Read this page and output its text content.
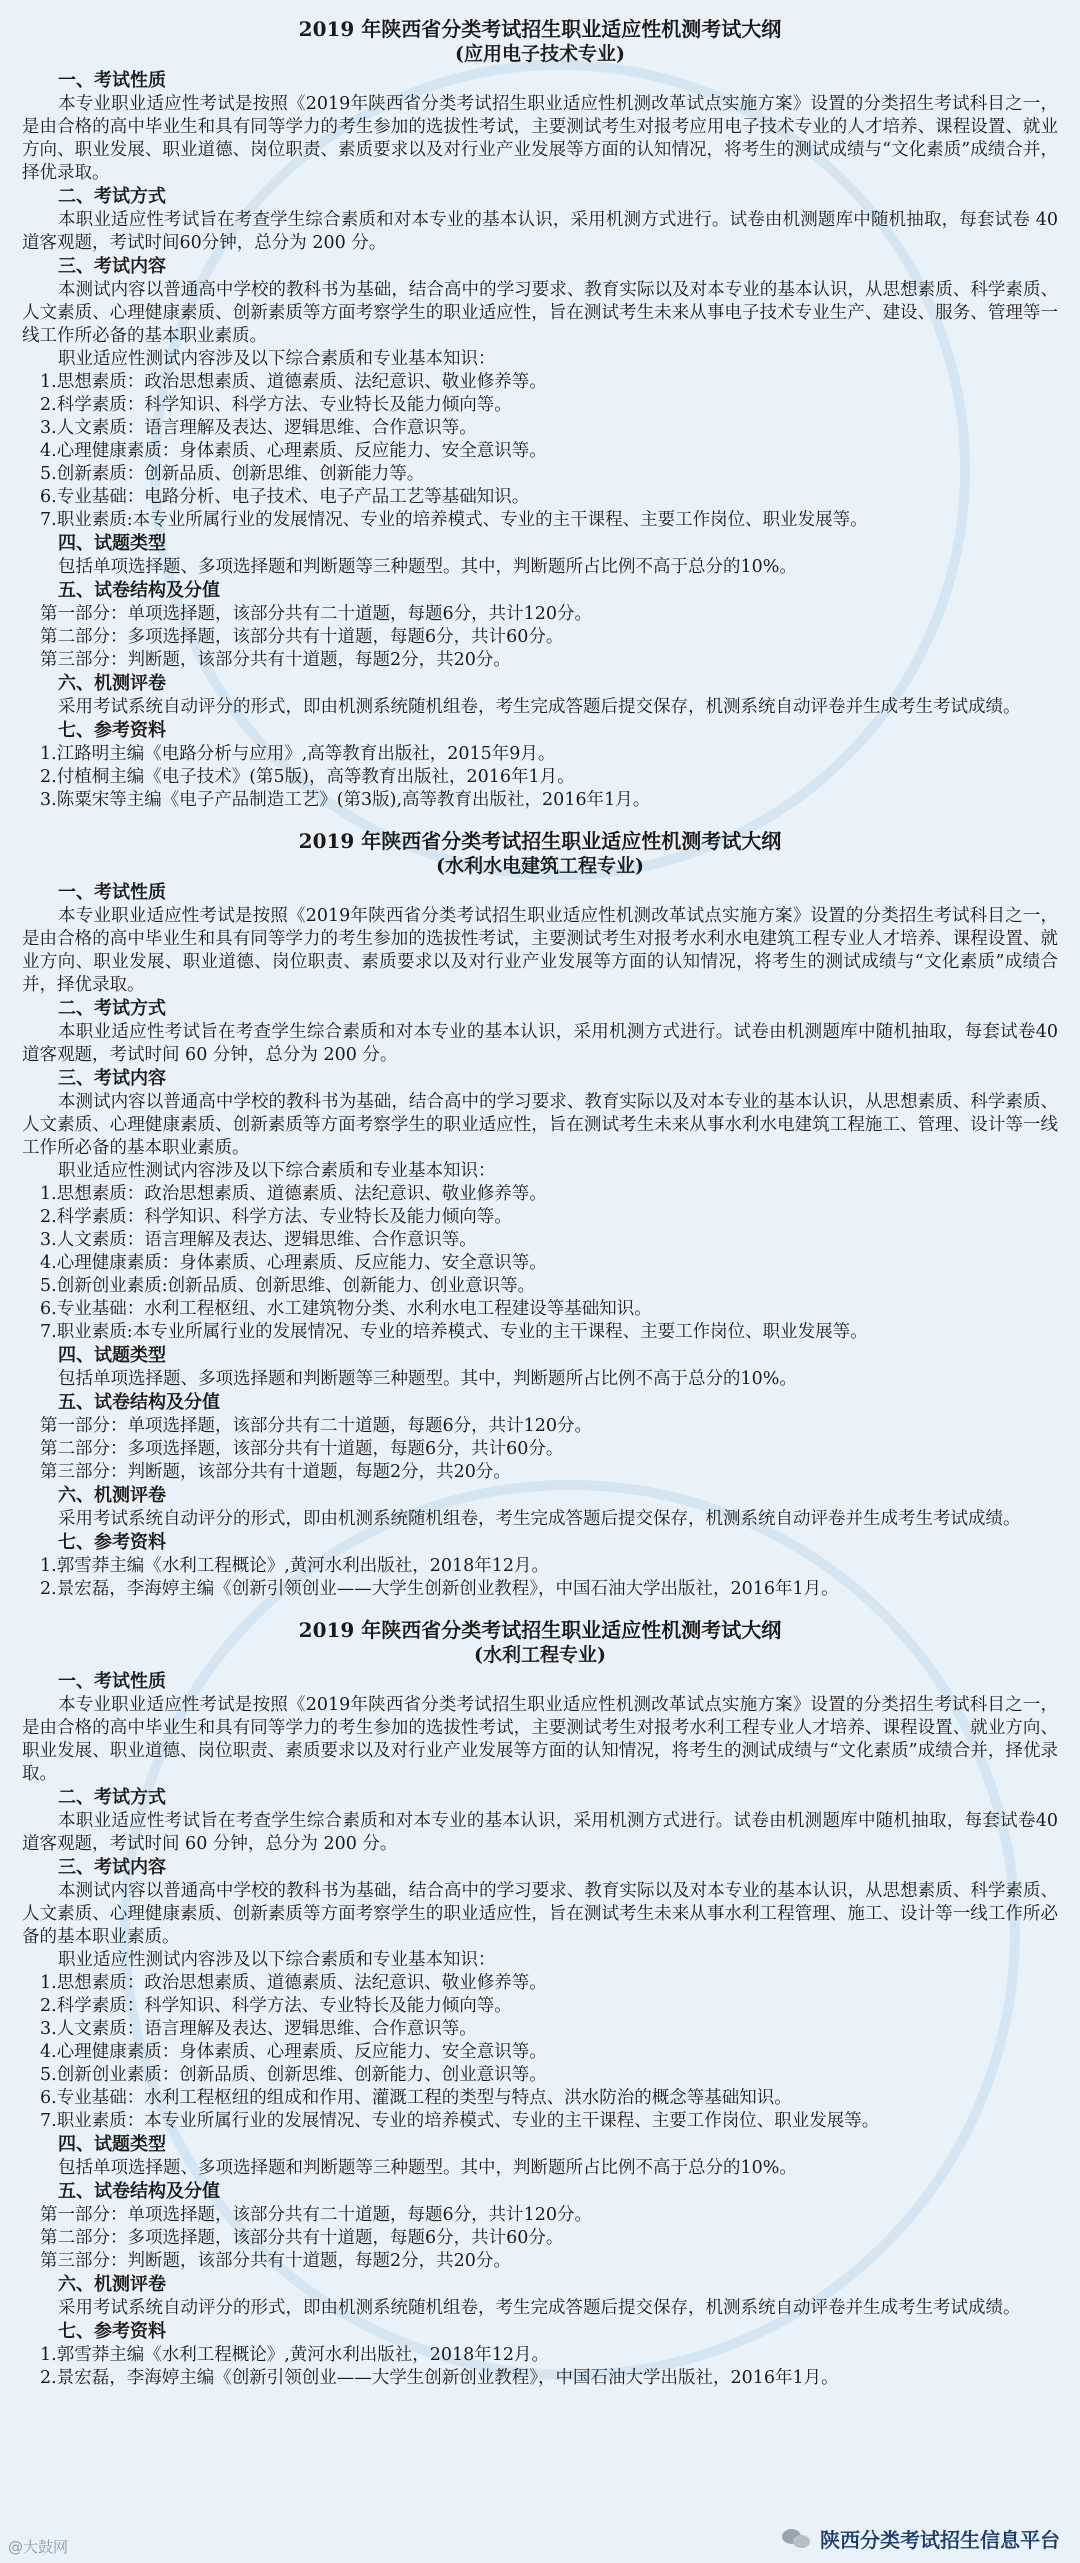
2019 年陕西省分类考试招生职业适应性机测考试大纲
(应用电子技术专业)
一、考试性质
本专业职业适应性考试是按照《2019年陕西省分类考试招生职业适应性机测改革试点实施方案》设置的分类招生考试科目之一，是由合格的高中毕业生和具有同等学力的考生参加的选拔性考试，主要测试考生对报考应用电子技术专业的人才培养、课程设置、就业方向、职业发展、职业道德、岗位职责、素质要求以及对行业产业发展等方面的认知情况，将考生的测试成绩与“文化素质”成绩合并，择优录取。
二、考试方式
本职业适应性考试旨在考查学生综合素质和对本专业的基本认识，采用机测方式进行。试卷由机测题库中随机抽取，每套试卷 40道客观题，考试时间60分钟，总分为 200 分。
三、考试内容
本测试内容以普通高中学校的教科书为基础，结合高中的学习要求、教育实际以及对本专业的基本认识，从思想素质、科学素质、人文素质、心理健康素质、创新素质等方面考察学生的职业适应性，旨在测试考生未来从事电子技术专业生产、建设、服务、管理等一线工作所必备的基本职业素质。
职业适应性测试内容涉及以下综合素质和专业基本知识：
1.思想素质：政治思想素质、道德素质、法纪意识、敬业修养等。
2.科学素质：科学知识、科学方法、专业特长及能力倾向等。
3.人文素质：语言理解及表达、逻辑思维、合作意识等。
4.心理健康素质：身体素质、心理素质、反应能力、安全意识等。
5.创新素质：创新品质、创新思维、创新能力等。
6.专业基础：电路分析、电子技术、电子产品工艺等基础知识。
7.职业素质:本专业所属行业的发展情况、专业的培养模式、专业的主干课程、主要工作岗位、职业发展等。
四、试题类型
包括单项选择题、多项选择题和判断题等三种题型。其中，判断题所占比例不高于总分的10%。
五、试卷结构及分值
第一部分：单项选择题，该部分共有二十道题，每题6分，共计120分。
第二部分：多项选择题，该部分共有十道题，每题6分，共计60分。
第三部分：判断题，该部分共有十道题，每题2分，共20分。
六、机测评卷
采用考试系统自动评分的形式，即由机测系统随机组卷，考生完成答题后提交保存，机测系统自动评卷并生成考生考试成绩。
七、参考资料
1.江路明主编《电路分析与应用》,高等教育出版社，2015年9月。
2.付植桐主编《电子技术》(第5版)，高等教育出版社，2016年1月。
3.陈粟宋等主编《电子产品制造工艺》(第3版),高等教育出版社，2016年1月。
2019 年陕西省分类考试招生职业适应性机测考试大纲
(水利水电建筑工程专业)
一、考试性质
本专业职业适应性考试是按照《2019年陕西省分类考试招生职业适应性机测改革试点实施方案》设置的分类招生考试科目之一，是由合格的高中毕业生和具有同等学力的考生参加的选拔性考试，主要测试考生对报考水利水电建筑工程专业人才培养、课程设置、就业方向、职业发展、职业道德、岗位职责、素质要求以及对行业产业发展等方面的认知情况，将考生的测试成绩与“文化素质”成绩合并，择优录取。
二、考试方式
本职业适应性考试旨在考查学生综合素质和对本专业的基本认识，采用机测方式进行。试卷由机测题库中随机抽取，每套试卷40道客观题，考试时间 60 分钟，总分为 200 分。
三、考试内容
本测试内容以普通高中学校的教科书为基础，结合高中的学习要求、教育实际以及对本专业的基本认识，从思想素质、科学素质、人文素质、心理健康素质、创新素质等方面考察学生的职业适应性，旨在测试考生未来从事水利水电建筑工程施工、管理、设计等一线工作所必备的基本职业素质。
职业适应性测试内容涉及以下综合素质和专业基本知识：
1.思想素质：政治思想素质、道德素质、法纪意识、敬业修养等。
2.科学素质：科学知识、科学方法、专业特长及能力倾向等。
3.人文素质：语言理解及表达、逻辑思维、合作意识等。
4.心理健康素质：身体素质、心理素质、反应能力、安全意识等。
5.创新创业素质:创新品质、创新思维、创新能力、创业意识等。
6.专业基础：水利工程枢纽、水工建筑物分类、水利水电工程建设等基础知识。
7.职业素质:本专业所属行业的发展情况、专业的培养模式、专业的主干课程、主要工作岗位、职业发展等。
四、试题类型
包括单项选择题、多项选择题和判断题等三种题型。其中，判断题所占比例不高于总分的10%。
五、试卷结构及分值
第一部分：单项选择题，该部分共有二十道题，每题6分，共计120分。
第二部分：多项选择题，该部分共有十道题，每题6分，共计60分。
第三部分：判断题，该部分共有十道题，每题2分，共20分。
六、机测评卷
采用考试系统自动评分的形式，即由机测系统随机组卷，考生完成答题后提交保存，机测系统自动评卷并生成考生考试成绩。
七、参考资料
1.郭雪莽主编《水利工程概论》,黄河水利出版社，2018年12月。
2.景宏磊，李海婷主编《创新引领创业——大学生创新创业教程》，中国石油大学出版社，2016年1月。
2019 年陕西省分类考试招生职业适应性机测考试大纲
(水利工程专业)
一、考试性质
本专业职业适应性考试是按照《2019年陕西省分类考试招生职业适应性机测改革试点实施方案》设置的分类招生考试科目之一，是由合格的高中毕业生和具有同等学力的考生参加的选拔性考试，主要测试考生对报考水利工程专业人才培养、课程设置、就业方向、职业发展、职业道德、岗位职责、素质要求以及对行业产业发展等方面的认知情况，将考生的测试成绩与“文化素质”成绩合并，择优录取。
二、考试方式
本职业适应性考试旨在考查学生综合素质和对本专业的基本认识，采用机测方式进行。试卷由机测题库中随机抽取，每套试卷40道客观题，考试时间 60 分钟，总分为 200 分。
三、考试内容
本测试内容以普通高中学校的教科书为基础，结合高中的学习要求、教育实际以及对本专业的基本认识，从思想素质、科学素质、人文素质、心理健康素质、创新素质等方面考察学生的职业适应性，旨在测试考生未来从事水利工程管理、施工、设计等一线工作所必备的基本职业素质。
职业适应性测试内容涉及以下综合素质和专业基本知识：
1.思想素质：政治思想素质、道德素质、法纪意识、敬业修养等。
2.科学素质：科学知识、科学方法、专业特长及能力倾向等。
3.人文素质：语言理解及表达、逻辑思维、合作意识等。
4.心理健康素质：身体素质、心理素质、反应能力、安全意识等。
5.创新创业素质：创新品质、创新思维、创新能力、创业意识等。
6.专业基础：水利工程枢纽的组成和作用、灌溉工程的类型与特点、洪水防治的概念等基础知识。
7.职业素质：本专业所属行业的发展情况、专业的培养模式、专业的主干课程、主要工作岗位、职业发展等。
四、试题类型
包括单项选择题、多项选择题和判断题等三种题型。其中，判断题所占比例不高于总分的10%。
五、试卷结构及分值
第一部分：单项选择题，该部分共有二十道题，每题6分，共计120分。
第二部分：多项选择题，该部分共有十道题，每题6分，共计60分。
第三部分：判断题，该部分共有十道题，每题2分，共20分。
六、机测评卷
采用考试系统自动评分的形式，即由机测系统随机组卷，考生完成答题后提交保存，机测系统自动评卷并生成考生考试成绩。
七、参考资料
1.郭雪莽主编《水利工程概论》,黄河水利出版社，2018年12月。
2.景宏磊，李海婷主编《创新引领创业——大学生创新创业教程》，中国石油大学出版社，2016年1月。
@大鼓网	陕西分类考试招生信息平台
